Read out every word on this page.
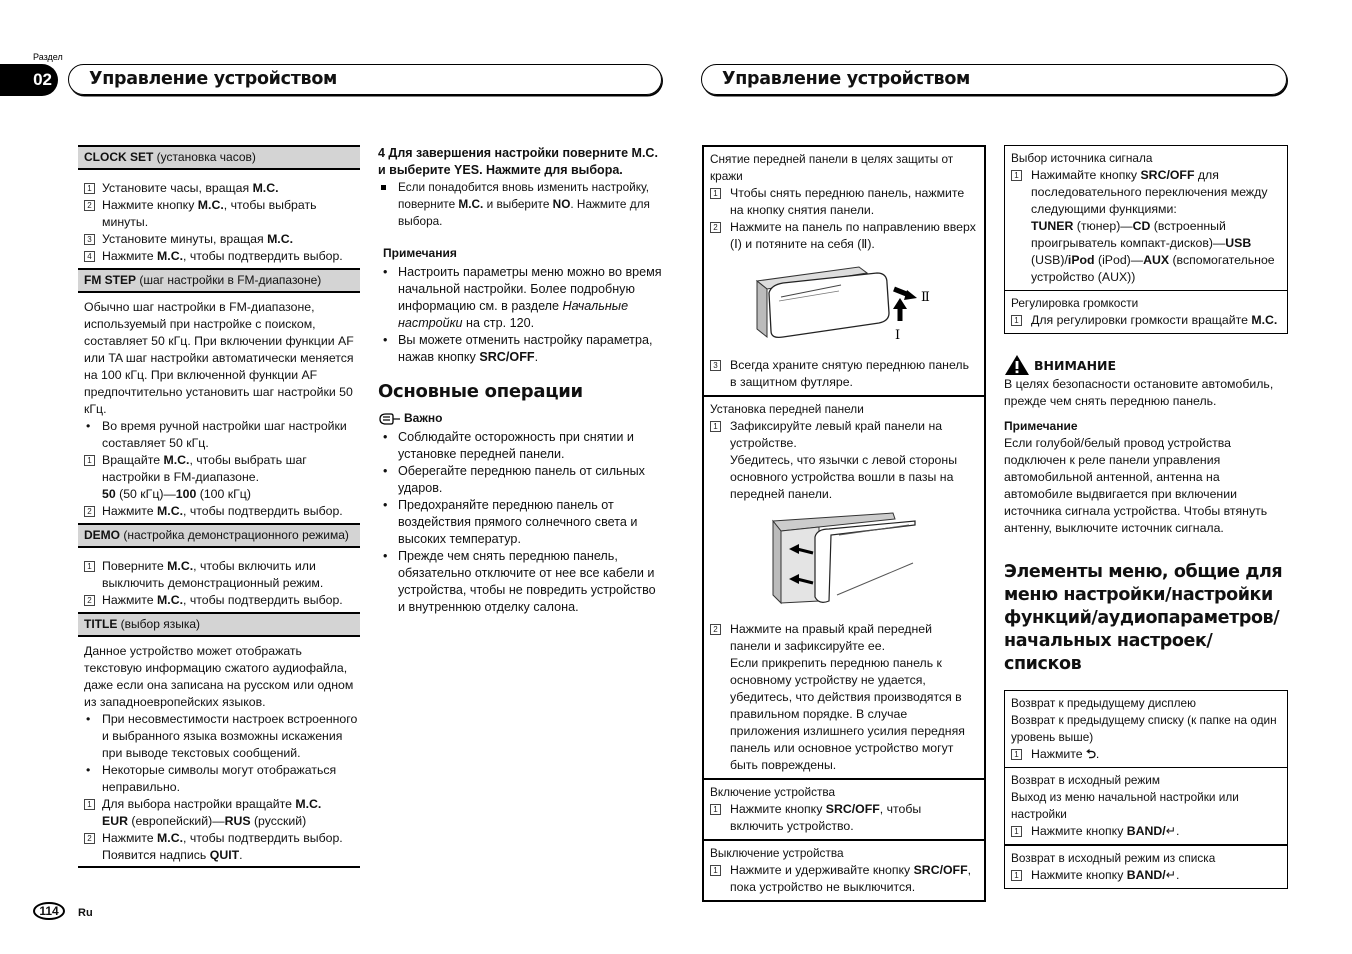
Раздел
02	Управление устройством	Управление устройством
CLOCK SET (установка часов)
1 Установите часы, вращая M.C.
2 Нажмите кнопку M.C., чтобы выбрать минуты.
3 Установите минуты, вращая M.C.
4 Нажмите M.C., чтобы подтвердить выбор.
FM STEP (шаг настройки в FM-диапазоне)
Обычно шаг настройки в FM-диапазоне, используемый при настройке с поиском, составляет 50 кГц. При включении функции AF или TA шаг настройки автоматически меняется на 100 кГц. При включенной функции AF предпочтительно установить шаг настройки 50 кГц.
• Во время ручной настройки шаг настройки составляет 50 кГц.
1 Вращайте M.C., чтобы выбрать шаг настройки в FM-диапазоне.
50 (50 кГц)—100 (100 кГц)
2 Нажмите M.C., чтобы подтвердить выбор.
DEMO (настройка демонстрационного режима)
1 Поверните M.C., чтобы включить или выключить демонстрационный режим.
2 Нажмите M.C., чтобы подтвердить выбор.
TITLE (выбор языка)
Данное устройство может отображать текстовую информацию сжатого аудиофайла, даже если она записана на русском или одном из западноевропейских языков.
• При несовместимости настроек встроенного и выбранного языка возможны искажения при выводе текстовых сообщений.
• Некоторые символы могут отображаться неправильно.
1 Для выбора настройки вращайте M.C.
EUR (европейский)—RUS (русский)
2 Нажмите M.C., чтобы подтвердить выбор.
Появится надпись QUIT.
4 Для завершения настройки поверните M.C. и выберите YES. Нажмите для выбора.
Если понадобится вновь изменить настройку, поверните M.C. и выберите NO. Нажмите для выбора.
Примечания
• Настроить параметры меню можно во время начальной настройки. Более подробную информацию см. в разделе Начальные настройки на стр. 120.
• Вы можете отменить настройку параметра, нажав кнопку SRC/OFF.
Основные операции
Важно
• Соблюдайте осторожность при снятии и установке передней панели.
• Оберегайте переднюю панель от сильных ударов.
• Предохраняйте переднюю панель от воздействия прямого солнечного света и высоких температур.
• Прежде чем снять переднюю панель, обязательно отключите от нее все кабели и устройства, чтобы не повредить устройство и внутреннюю отделку салона.
Снятие передней панели в целях защиты от кражи
1 Чтобы снять переднюю панель, нажмите на кнопку снятия панели.
2 Нажмите на панель по направлению вверх (Ⅰ) и потяните на себя (Ⅱ).
Ⅱ
Ⅰ
3 Всегда храните снятую переднюю панель в защитном футляре.
Установка передней панели
1 Зафиксируйте левый край панели на устройстве.
Убедитесь, что язычки с левой стороны основного устройства вошли в пазы на передней панели.
2 Нажмите на правый край передней панели и зафиксируйте ее.
Если прикрепить переднюю панель к основному устройству не удается, убедитесь, что действия производятся в правильном порядке. В случае приложения излишнего усилия передняя панель или основное устройство могут быть повреждены.
Включение устройства
1 Нажмите кнопку SRC/OFF, чтобы включить устройство.
Выключение устройства
1 Нажмите и удерживайте кнопку SRC/OFF, пока устройство не выключится.
Выбор источника сигнала
1 Нажимайте кнопку SRC/OFF для последовательного переключения между следующими функциями:
TUNER (тюнер)—CD (встроенный проигрыватель компакт-дисков)—USB (USB)/iPod (iPod)—AUX (вспомогательное устройство (AUX))
Регулировка громкости
1 Для регулировки громкости вращайте M.C.
ВНИМАНИЕ
В целях безопасности остановите автомобиль, прежде чем снять переднюю панель.
Примечание
Если голубой/белый провод устройства подключен к реле панели управления автомобильной антенной, антенна на автомобиле выдвигается при включении источника сигнала устройства. Чтобы втянуть антенну, выключите источник сигнала.
Элементы меню, общие для меню настройки/настройки функций/аудиопараметров/начальных настроек/списков
Возврат к предыдущему дисплею
Возврат к предыдущему списку (к папке на один уровень выше)
1 Нажмите ⮌.
Возврат в исходный режим
Выход из меню начальной настройки или настройки
1 Нажмите кнопку BAND/↵.
Возврат в исходный режим из списка
1 Нажмите кнопку BAND/↵.
114	Ru
